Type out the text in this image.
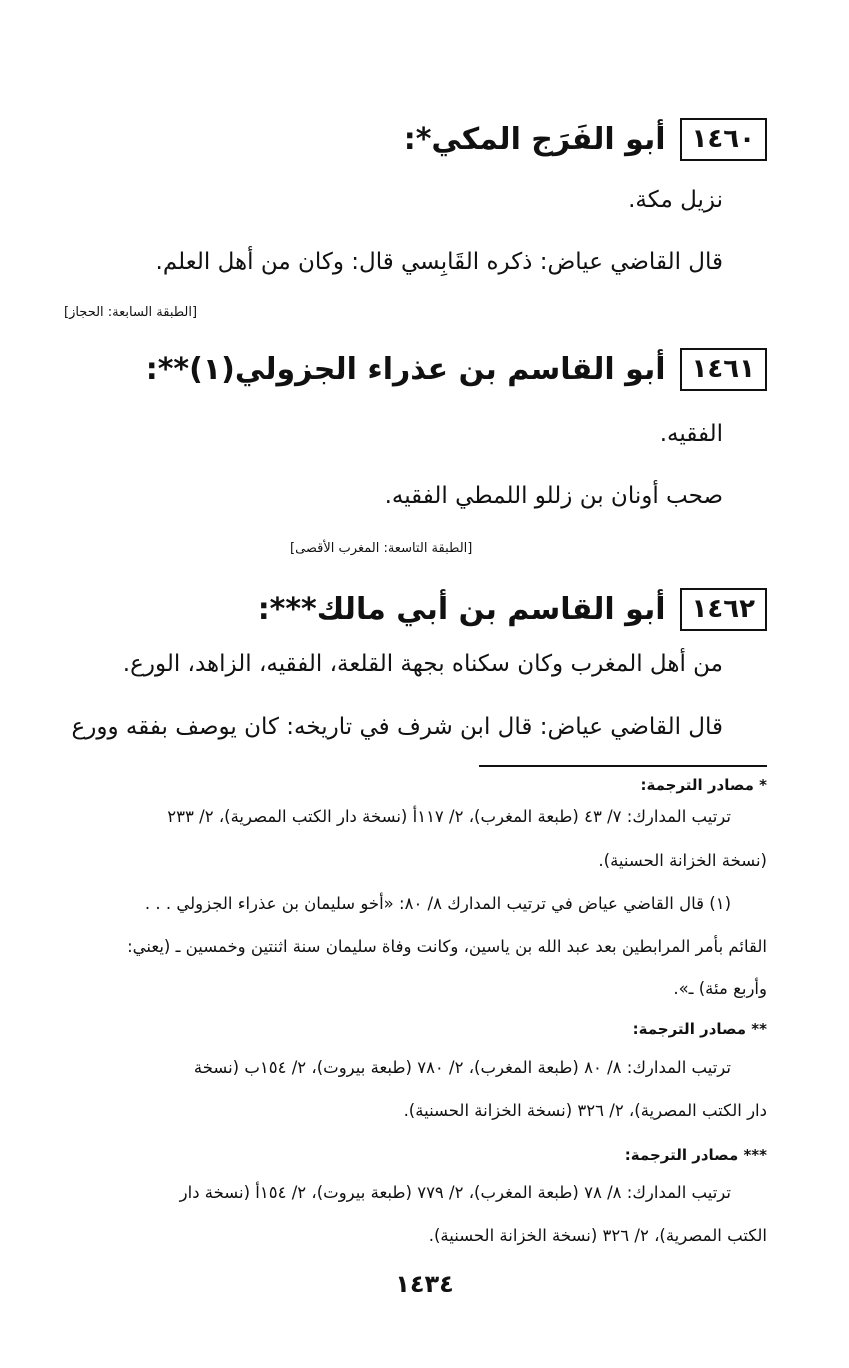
١٤٦٠
أبو الفَرَج المكي*:
نزيل مكة.
قال القاضي عياض: ذكره القَابِسي قال: وكان من أهل العلم.
[الطبقة السابعة: الحجاز]
١٤٦١
أبو القاسم بن عذراء الجزولي(١)**:
الفقيه.
صحب أونان بن زللو اللمطي الفقيه.
[الطبقة التاسعة: المغرب الأقصى]
١٤٦٢
أبو القاسم بن أبي مالك***:
من أهل المغرب وكان سكناه بجهة القلعة، الفقيه، الزاهد، الورع.
قال القاضي عياض: قال ابن شرف في تاريخه: كان يوصف بفقه وورع
* مصادر الترجمة:
ترتيب المدارك: ٧/ ٤٣ (طبعة المغرب)، ٢/ ١١٧أ (نسخة دار الكتب المصرية)، ٢/ ٢٣٣
(نسخة الخزانة الحسنية).
(١) قال القاضي عياض في ترتيب المدارك ٨/ ٨٠: «أخو سليمان بن عذراء الجزولي . . .
القائم بأمر المرابطين بعد عبد الله بن ياسين، وكانت وفاة سليمان سنة اثنتين وخمسين ـ (يعني:
وأربع مئة) ـ».
** مصادر الترجمة:
ترتيب المدارك: ٨/ ٨٠ (طبعة المغرب)، ٢/ ٧٨٠ (طبعة بيروت)، ٢/ ١٥٤ب (نسخة
دار الكتب المصرية)، ٢/ ٣٢٦ (نسخة الخزانة الحسنية).
*** مصادر الترجمة:
ترتيب المدارك: ٨/ ٧٨ (طبعة المغرب)، ٢/ ٧٧٩ (طبعة بيروت)، ٢/ ١٥٤أ (نسخة دار
الكتب المصرية)، ٢/ ٣٢٦ (نسخة الخزانة الحسنية).
١٤٣٤
